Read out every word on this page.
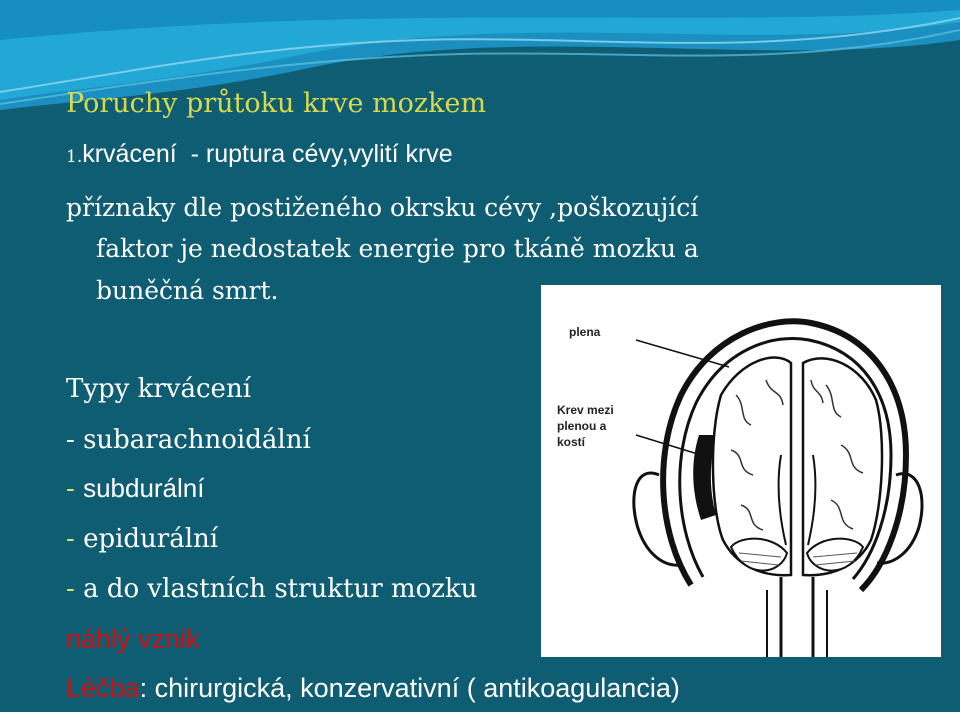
Poruchy průtoku krve mozkem
1.krvácení  - ruptura cévy,vylití krve
příznaky dle postiženého okrsku cévy ,poškozující
faktor je nedostatek energie pro tkáně mozku a
buněčná smrt.
Typy krvácení
- subarachnoidální
- subdurální
- epidurální
- a do vlastních struktur mozku
náhlý vznik
Léčba: chirurgická, konzervativní ( antikoagulancia)
plena
Krev mezi
plenou a
kostí
